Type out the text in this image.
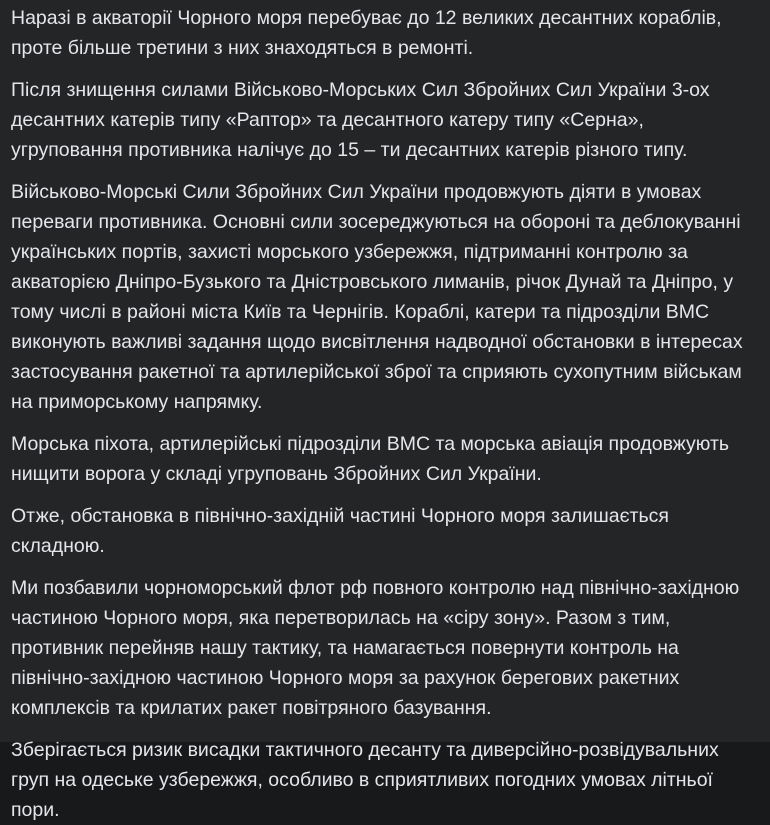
Наразі в акваторії Чорного моря перебуває до 12 великих десантних кораблів, проте більше третини з них знаходяться в ремонті.

Після знищення силами Військово-Морських Сил Збройних Сил України 3-ох десантних катерів типу «Раптор» та десантного катеру типу «Серна», угруповання противника налічує до 15 – ти десантних катерів різного типу.

Військово-Морські Сили Збройних Сил України продовжують діяти в умовах переваги противника. Основні сили зосереджуються на обороні та деблокуванні українських портів, захисті морського узбережжя, підтриманні контролю за акваторією Дніпро-Бузького та Дністровського лиманів, річок Дунай та Дніпро, у тому числі в районі міста Київ та Чернігів. Кораблі, катери та підрозділи ВМС виконують важливі задання щодо висвітлення надводної обстановки в інтересах застосування ракетної та артилерійської зброї та сприяють сухопутним військам на приморському напрямку.

Морська піхота, артилерійські підрозділи ВМС та морська авіація продовжують нищити ворога у складі угруповань Збройних Сил України.

Отже, обстановка в північно-західній частині Чорного моря залишається складною.

Ми позбавили чорноморський флот рф повного контролю над північно-західною частиною Чорного моря, яка перетворилась на «сіру зону». Разом з тим, противник перейняв нашу тактику, та намагається повернути контроль на північно-західною частиною Чорного моря за рахунок берегових ракетних комплексів та крилатих ракет повітряного базування.

Зберігається ризик висадки тактичного десанту та диверсійно-розвідувальних груп на одеське узбережжя, особливо в сприятливих погодних умовах літньої пори.
